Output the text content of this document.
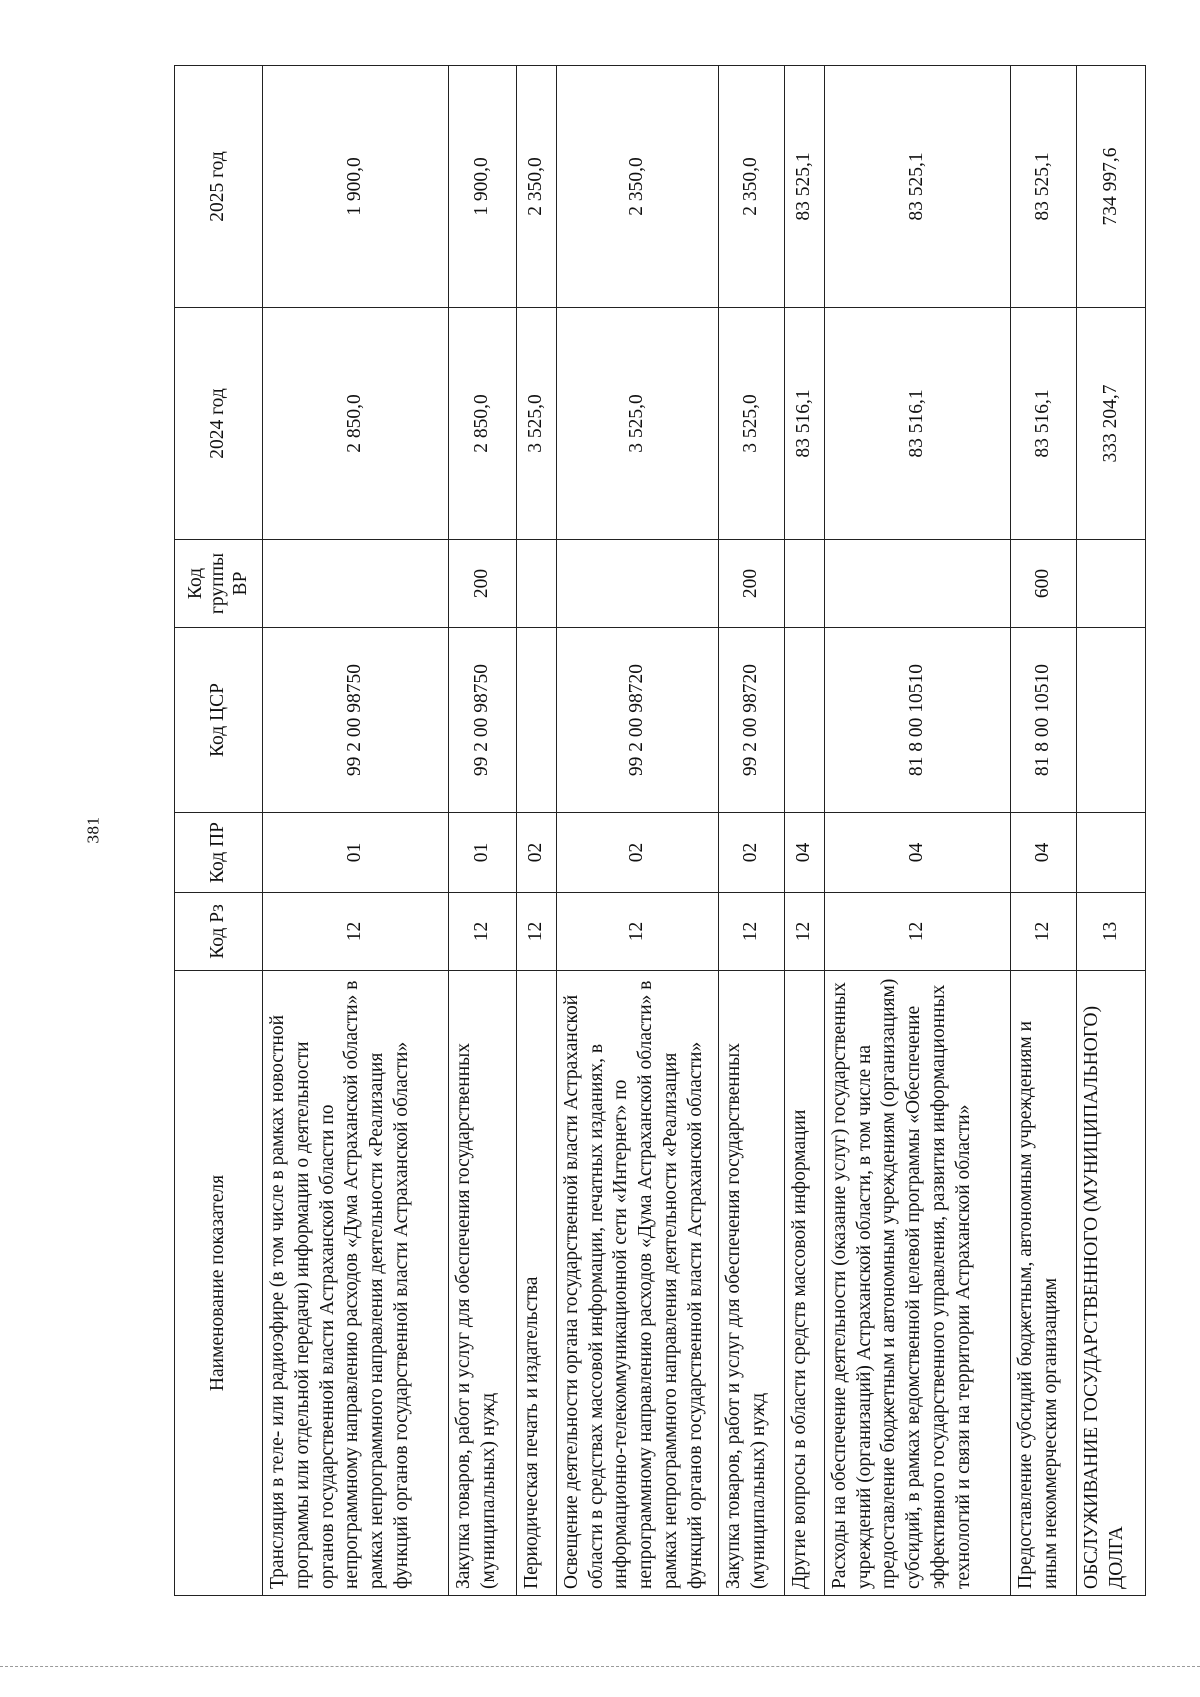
381
Наименование показателя	Код Рз	Код ПР	Код ЦСР	Код группы ВР	2024 год	2025 год
Трансляция в теле- или радиоэфире (в том числе в рамках новостной программы или отдельной передачи) информации о деятельности органов государственной власти Астраханской области по непрограммному направлению расходов «Дума Астраханской области» в рамках непрограммного направления деятельности «Реализация функций органов государственной власти Астраханской области»	12	01	99 2 00 98750		2 850,0	1 900,0
Закупка товаров, работ и услуг для обеспечения государственных (муниципальных) нужд	12	01	99 2 00 98750	200	2 850,0	1 900,0
Периодическая печать и издательства	12	02			3 525,0	2 350,0
Освещение деятельности органа государственной власти Астраханской области в средствах массовой информации, печатных изданиях, в информационно-телекоммуникационной сети «Интернет» по непрограммному направлению расходов «Дума Астраханской области» в рамках непрограммного направления деятельности «Реализация функций органов государственной власти Астраханской области»	12	02	99 2 00 98720		3 525,0	2 350,0
Закупка товаров, работ и услуг для обеспечения государственных (муниципальных) нужд	12	02	99 2 00 98720	200	3 525,0	2 350,0
Другие вопросы в области средств массовой информации	12	04			83 516,1	83 525,1
Расходы на обеспечение деятельности (оказание услуг) государственных учреждений (организаций) Астраханской области, в том числе на предоставление бюджетным и автономным учреждениям (организациям) субсидий, в рамках ведомственной целевой программы «Обеспечение эффективного государственного управления, развития информационных технологий и связи на территории Астраханской области»	12	04	81 8 00 10510		83 516,1	83 525,1
Предоставление субсидий бюджетным, автономным учреждениям и иным некоммерческим организациям	12	04	81 8 00 10510	600	83 516,1	83 525,1
ОБСЛУЖИВАНИЕ ГОСУДАРСТВЕННОГО (МУНИЦИПАЛЬНОГО) ДОЛГА	13				333 204,7	734 997,6
